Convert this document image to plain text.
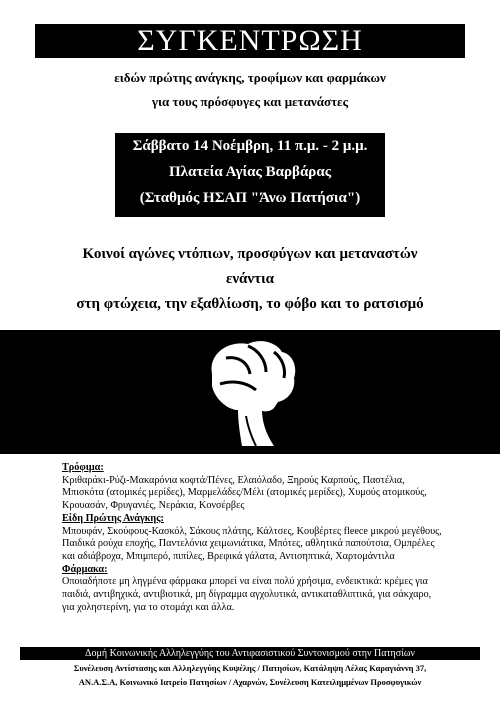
ΣΥΓΚΕΝΤΡΩΣΗ
ειδών πρώτης ανάγκης, τροφίμων και φαρμάκων
για τους πρόσφυγες και μετανάστες
Σάββατο 14 Νοέμβρη, 11 π.μ. - 2 μ.μ.
Πλατεία Αγίας Βαρβάρας
(Σταθμός ΗΣΑΠ "Άνω Πατήσια")
Κοινοί αγώνες ντόπιων, προσφύγων και μεταναστών
ενάντια
στη φτώχεια, την εξαθλίωση, το φόβο και το ρατσισμό
Τρόφιμα:
Κριθαράκι-Ρύζι-Μακαρόνια κοφτά/Πένες, Ελαιόλαδο, Ξηρούς Καρπούς, Παστέλια, Μπισκότα (ατομικές μερίδες), Μαρμελάδες/Μέλι (ατομικές μερίδες), Χυμούς ατομικούς, Κρουασάν, Φρυγανιές, Νεράκια, Κονσέρβες
Είδη Πρώτης Ανάγκης:
Μπουφάν, Σκούφους-Κασκόλ, Σάκους πλάτης, Κάλτσες, Κουβέρτες fleece μικρού μεγέθους, Παιδικά ρούχα εποχής, Παντελόνια χειμωνιάτικα, Μπότες, αθλητικά παπούτσια, Ομπρέλες και αδιάβροχα, Μπιμπερό, πιπίλες, Βρεφικά γάλατα, Αντισηπτικά, Χαρτομάντιλα
Φάρμακα:
Οποιαδήποτε μη ληγμένα φάρμακα μπορεί να είναι πολύ χρήσιμα, ενδεικτικά: κρέμες για παιδιά, αντιβηχικά, αντιβιοτικά, μη δίγραμμα αγχολυτικά, αντικαταθλιπτικά, για σάκχαρο, για χοληστερίνη, για το στομάχι και άλλα.
Δομή Κοινωνικής Αλληλεγγύης του Αντιφασιστικού Συντονισμού στην Πατησίων
Συνέλευση Αντίστασης και Αλληλεγγύης Κυψέλης / Πατησίων, Κατάληψη Λέλας Καραγιάννη 37,
ΑΝ.Α.Σ.Α, Κοινωνικό Ιατρείο Πατησίων / Αχαρνών, Συνέλευση Κατειλημμένων Προσφυγικών
